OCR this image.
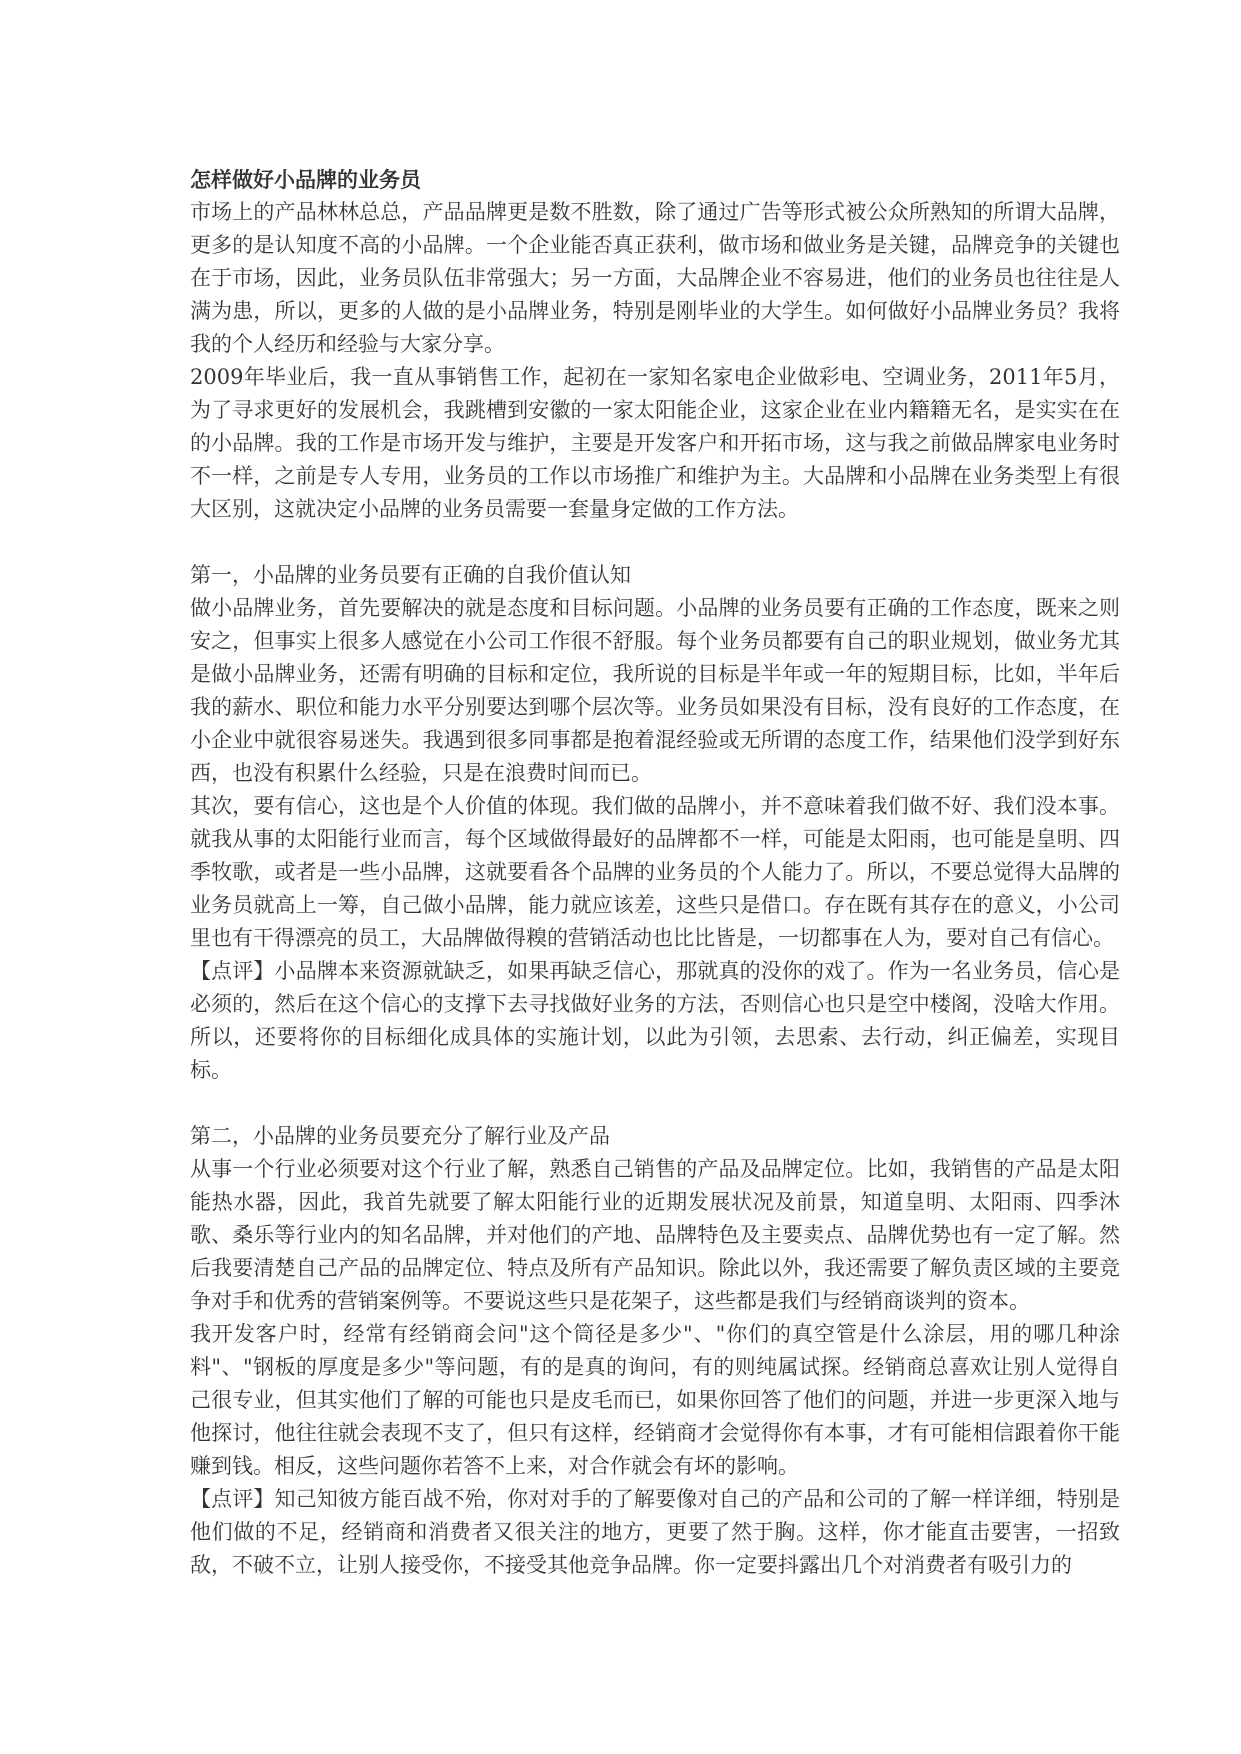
怎样做好小品牌的业务员

市场上的产品林林总总，产品品牌更是数不胜数，除了通过广告等形式被公众所熟知的所谓大品牌，更多的是认知度不高的小品牌。一个企业能否真正获利，做市场和做业务是关键，品牌竞争的关键也在于市场，因此，业务员队伍非常强大；另一方面，大品牌企业不容易进，他们的业务员也往往是人满为患，所以，更多的人做的是小品牌业务，特别是刚毕业的大学生。如何做好小品牌业务员？我将我的个人经历和经验与大家分享。

2009年毕业后，我一直从事销售工作，起初在一家知名家电企业做彩电、空调业务，2011年5月，为了寻求更好的发展机会，我跳槽到安徽的一家太阳能企业，这家企业在业内籍籍无名，是实实在在的小品牌。我的工作是市场开发与维护，主要是开发客户和开拓市场，这与我之前做品牌家电业务时不一样，之前是专人专用，业务员的工作以市场推广和维护为主。大品牌和小品牌在业务类型上有很大区别，这就决定小品牌的业务员需要一套量身定做的工作方法。

第一，小品牌的业务员要有正确的自我价值认知

做小品牌业务，首先要解决的就是态度和目标问题。小品牌的业务员要有正确的工作态度，既来之则安之，但事实上很多人感觉在小公司工作很不舒服。每个业务员都要有自己的职业规划，做业务尤其是做小品牌业务，还需有明确的目标和定位，我所说的目标是半年或一年的短期目标，比如，半年后我的薪水、职位和能力水平分别要达到哪个层次等。业务员如果没有目标，没有良好的工作态度，在小企业中就很容易迷失。我遇到很多同事都是抱着混经验或无所谓的态度工作，结果他们没学到好东西，也没有积累什么经验，只是在浪费时间而已。

其次，要有信心，这也是个人价值的体现。我们做的品牌小，并不意味着我们做不好、我们没本事。就我从事的太阳能行业而言，每个区域做得最好的品牌都不一样，可能是太阳雨，也可能是皇明、四季牧歌，或者是一些小品牌，这就要看各个品牌的业务员的个人能力了。所以，不要总觉得大品牌的业务员就高上一筹，自己做小品牌，能力就应该差，这些只是借口。存在既有其存在的意义，小公司里也有干得漂亮的员工，大品牌做得糗的营销活动也比比皆是，一切都事在人为，要对自己有信心。

【点评】小品牌本来资源就缺乏，如果再缺乏信心，那就真的没你的戏了。作为一名业务员，信心是必须的，然后在这个信心的支撑下去寻找做好业务的方法，否则信心也只是空中楼阁，没啥大作用。所以，还要将你的目标细化成具体的实施计划，以此为引领，去思索、去行动，纠正偏差，实现目标。

第二，小品牌的业务员要充分了解行业及产品

从事一个行业必须要对这个行业了解，熟悉自己销售的产品及品牌定位。比如，我销售的产品是太阳能热水器，因此，我首先就要了解太阳能行业的近期发展状况及前景，知道皇明、太阳雨、四季沐歌、桑乐等行业内的知名品牌，并对他们的产地、品牌特色及主要卖点、品牌优势也有一定了解。然后我要清楚自己产品的品牌定位、特点及所有产品知识。除此以外，我还需要了解负责区域的主要竞争对手和优秀的营销案例等。不要说这些只是花架子，这些都是我们与经销商谈判的资本。

我开发客户时，经常有经销商会问"这个筒径是多少"、"你们的真空管是什么涂层，用的哪几种涂料"、"钢板的厚度是多少"等问题，有的是真的询问，有的则纯属试探。经销商总喜欢让别人觉得自己很专业，但其实他们了解的可能也只是皮毛而已，如果你回答了他们的问题，并进一步更深入地与他探讨，他往往就会表现不支了，但只有这样，经销商才会觉得你有本事，才有可能相信跟着你干能赚到钱。相反，这些问题你若答不上来，对合作就会有坏的影响。

【点评】知己知彼方能百战不殆，你对对手的了解要像对自己的产品和公司的了解一样详细，特别是他们做的不足，经销商和消费者又很关注的地方，更要了然于胸。这样，你才能直击要害，一招致敌，不破不立，让别人接受你，不接受其他竞争品牌。你一定要抖露出几个对消费者有吸引力的
